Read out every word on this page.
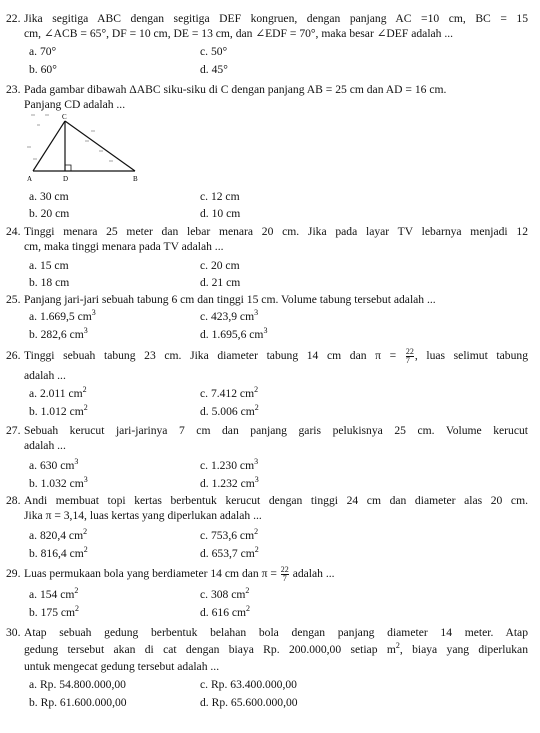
22. Jika segitiga ABC dengan segitiga DEF kongruen, dengan panjang AC =10 cm, BC = 15
cm, ∠ACB = 65°, DF = 10 cm, DE = 13 cm, dan ∠EDF = 70°, maka besar ∠DEF adalah ...
a. 70°	c. 50°
b. 60°	d. 45°
23. Pada gambar dibawah ΔABC siku-siku di C dengan panjang AB = 25 cm dan AD = 16 cm.
Panjang CD adalah ...
a. 30 cm	c. 12 cm
b. 20 cm	d. 10 cm
C
A	D	B
24. Tinggi menara 25 meter dan lebar menara 20 cm. Jika pada layar TV lebarnya menjadi 12
cm, maka tinggi menara pada TV adalah ...
a. 15 cm	c. 20 cm
b. 18 cm	d. 21 cm
25. Panjang jari-jari sebuah tabung 6 cm dan tinggi 15 cm. Volume tabung tersebut adalah ...
a. 1.669,5 $cm^3$	c. 423,9 $cm^3$
b. 282,6 $cm^3$	d. 1.695,6 $cm^3$
26. Tinggi sebuah tabung 23 cm. Jika diameter tabung 14 cm dan $\pi = \frac{22}{7}$ , luas selimut tabung
adalah ...
a. 2.011 $cm^2$	c. 7.412 $cm^2$
b. 1.012 $cm^2$	d. 5.006 $cm^2$
27. Sebuah kerucut jari-jarinya 7 cm dan panjang garis pelukisnya 25 cm. Volume kerucut
adalah ...
a. 630 $cm^3$	c. 1.230 $cm^3$
b. 1.032 $cm^3$	d. 1.232 $cm^3$
28. Andi membuat topi kertas berbentuk kerucut dengan tinggi 24 cm dan diameter alas 20 cm.
Jika π = 3,14, luas kertas yang diperlukan adalah ...
a. 820,4 $cm^2$	c. 753,6 $cm^2$
b. 816,4 $cm^2$	d. 653,7 $cm^2$
29. Luas permukaan bola yang berdiameter 14 cm dan $\pi = \frac{22}{7}$ adalah ...
a. 154 $cm^2$	c. 308 $cm^2$
b. 175 $cm^2$	d. 616 $cm^2$
30. Atap sebuah gedung berbentuk belahan bola dengan panjang diameter 14 meter. Atap
gedung tersebut akan di cat dengan biaya Rp. 200.000,00 setiap $m^2$, biaya yang diperlukan
untuk mengecat gedung tersebut adalah ...
a. Rp. 54.800.000,00	c. Rp. 63.400.000,00
b. Rp. 61.600.000,00	d. Rp. 65.600.000,00
